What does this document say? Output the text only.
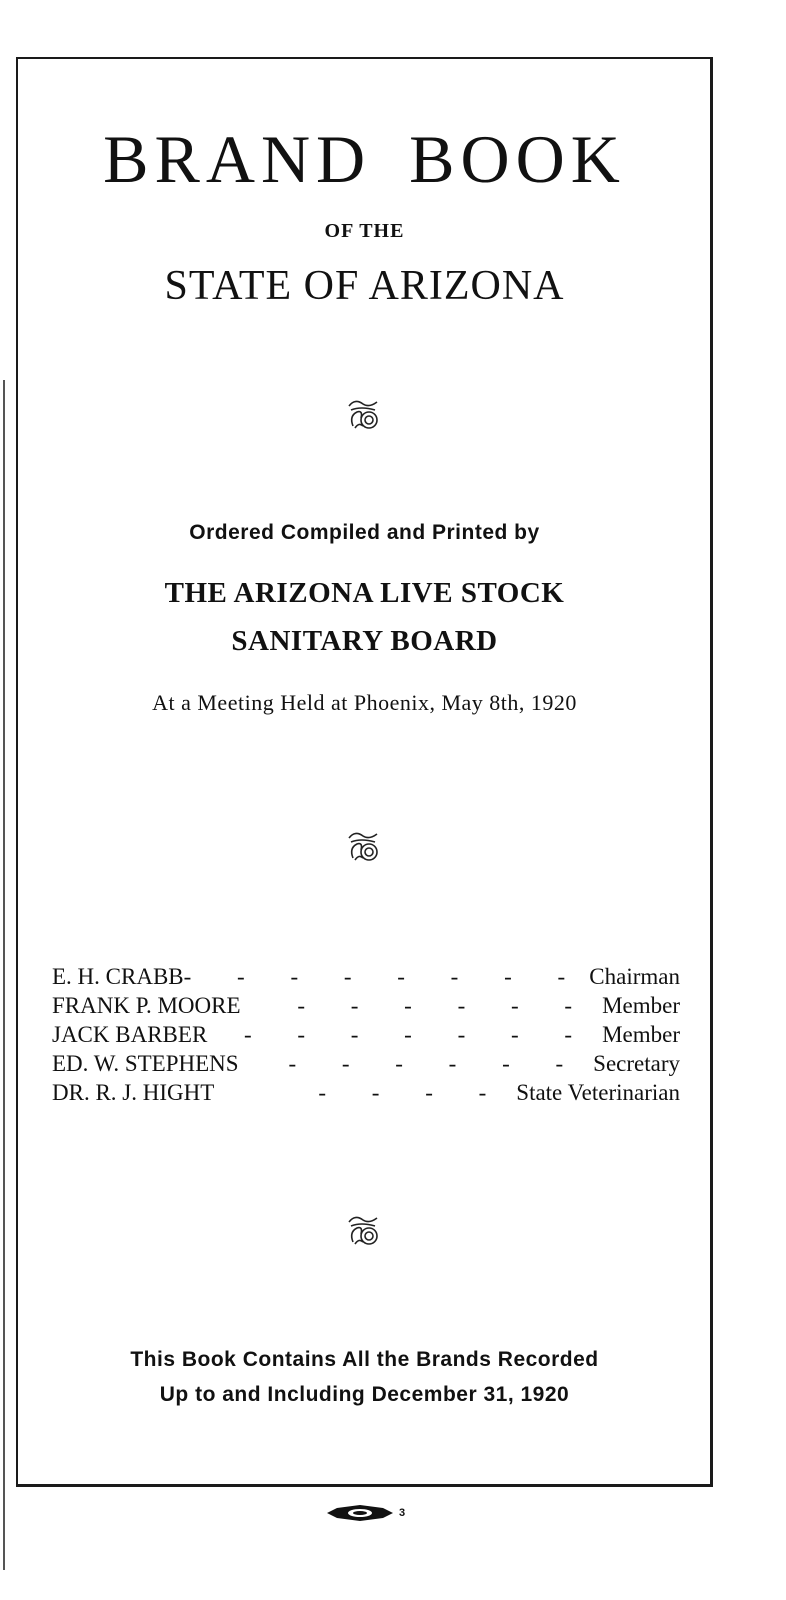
BRAND BOOK
OF THE
STATE OF ARIZONA
Ordered Compiled and Printed by
THE ARIZONA LIVE STOCK
SANITARY BOARD
At a Meeting Held at Phoenix, May 8th, 1920
E. H. CRABB - - - - - - - - Chairman
FRANK P. MOORE	- - - - - - Member
JACK BARBER	- - - - - - - Member
ED. W. STEPHENS	- - - - - - Secretary
DR. R. J. HIGHT	- - - - State Veterinarian
This Book Contains All the Brands Recorded
Up to and Including December 31, 1920
3
